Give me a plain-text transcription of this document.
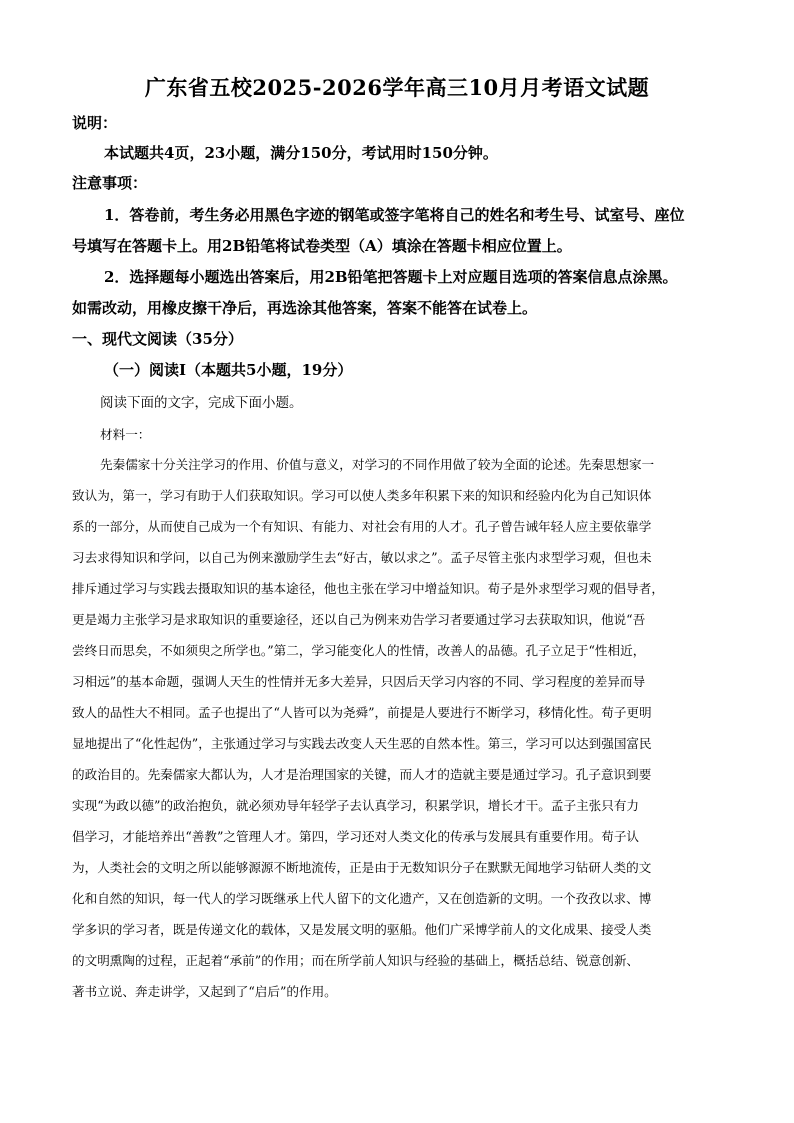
广东省五校2025-2026学年高三10月月考语文试题
说明：
本试题共4页，23小题，满分150分，考试用时150分钟。
注意事项：
1．答卷前，考生务必用黑色字迹的钢笔或签字笔将自己的姓名和考生号、试室号、座位
号填写在答题卡上。用2B铅笔将试卷类型（A）填涂在答题卡相应位置上。
2．选择题每小题选出答案后，用2B铅笔把答题卡上对应题目选项的答案信息点涂黑。
如需改动，用橡皮擦干净后，再选涂其他答案，答案不能答在试卷上。
一、现代文阅读（35分）
（一）阅读Ⅰ（本题共5小题，19分）
阅读下面的文字，完成下面小题。
材料一：
先秦儒家十分关注学习的作用、价值与意义，对学习的不同作用做了较为全面的论述。先秦思想家一
致认为，第一，学习有助于人们获取知识。学习可以使人类多年积累下来的知识和经验内化为自己知识体
系的一部分，从而使自己成为一个有知识、有能力、对社会有用的人才。孔子曾告诫年轻人应主要依靠学
习去求得知识和学问，以自己为例来激励学生去“好古，敏以求之”。孟子尽管主张内求型学习观，但也未
排斥通过学习与实践去摄取知识的基本途径，他也主张在学习中增益知识。荀子是外求型学习观的倡导者，
更是竭力主张学习是求取知识的重要途径，还以自己为例来劝告学习者要通过学习去获取知识，他说“吾
尝终日而思矣，不如须臾之所学也。”第二，学习能变化人的性情，改善人的品德。孔子立足于“性相近，
习相远”的基本命题，强调人天生的性情并无多大差异，只因后天学习内容的不同、学习程度的差异而导
致人的品性大不相同。孟子也提出了“人皆可以为尧舜”，前提是人要进行不断学习，移情化性。荀子更明
显地提出了“化性起伪”，主张通过学习与实践去改变人天生恶的自然本性。第三，学习可以达到强国富民
的政治目的。先秦儒家大都认为，人才是治理国家的关键，而人才的造就主要是通过学习。孔子意识到要
实现“为政以德”的政治抱负，就必须劝导年轻学子去认真学习，积累学识，增长才干。孟子主张只有力
倡学习，才能培养出“善教”之管理人才。第四，学习还对人类文化的传承与发展具有重要作用。荀子认
为，人类社会的文明之所以能够源源不断地流传，正是由于无数知识分子在默默无闻地学习钻研人类的文
化和自然的知识，每一代人的学习既继承上代人留下的文化遗产，又在创造新的文明。一个孜孜以求、博
学多识的学习者，既是传递文化的载体，又是发展文明的驱船。他们广采博学前人的文化成果、接受人类
的文明熏陶的过程，正起着“承前”的作用；而在所学前人知识与经验的基础上，概括总结、锐意创新、
著书立说、奔走讲学，又起到了“启后”的作用。
